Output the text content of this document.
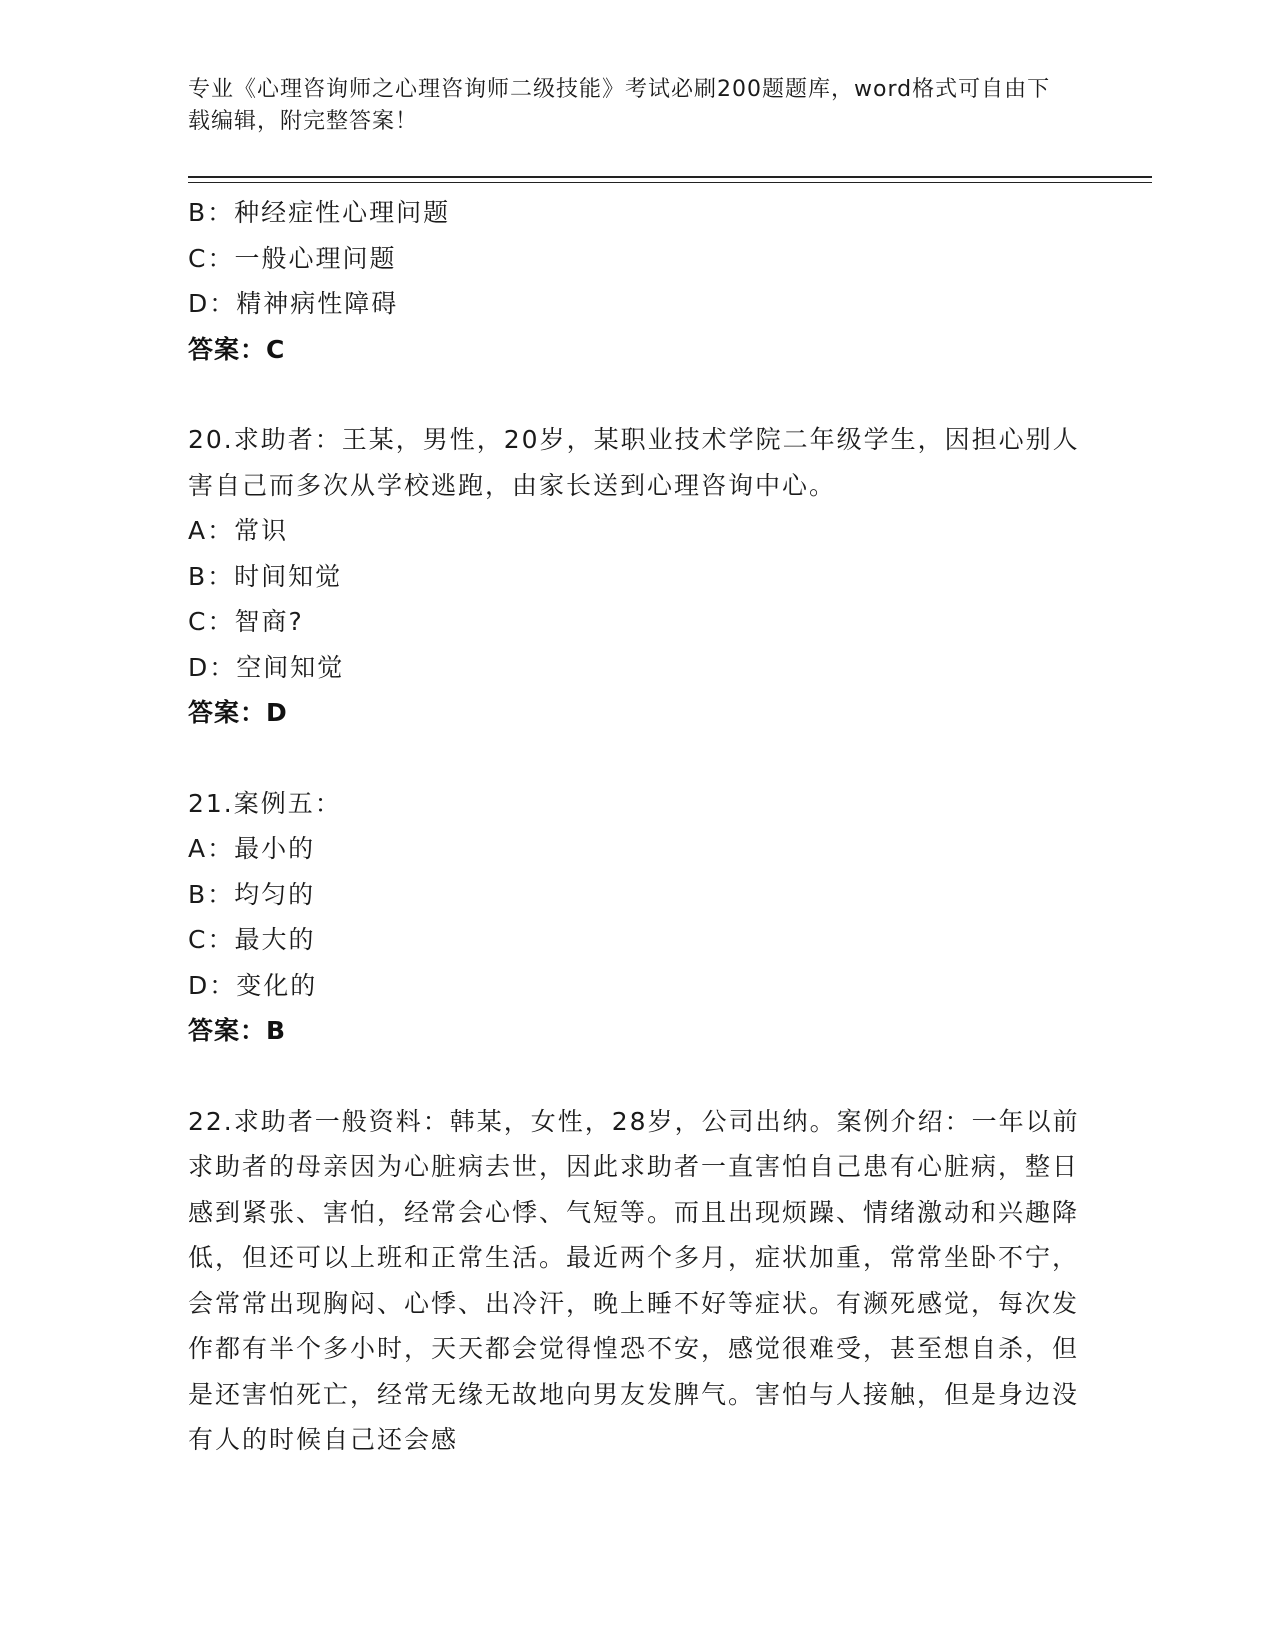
专业《心理咨询师之心理咨询师二级技能》考试必刷200题题库，word格式可自由下载编辑，附完整答案！
B：种经症性心理问题
C：一般心理问题
D：精神病性障碍
答案：C
20.求助者：王某，男性，20岁，某职业技术学院二年级学生，因担心别人害自己而多次从学校逃跑，由家长送到心理咨询中心。
A：常识
B：时间知觉
C：智商?
D：空间知觉
答案：D
21.案例五：
A：最小的
B：均匀的
C：最大的
D：变化的
答案：B
22.求助者一般资料：韩某，女性，28岁，公司出纳。案例介绍：一年以前求助者的母亲因为心脏病去世，因此求助者一直害怕自己患有心脏病，整日感到紧张、害怕，经常会心悸、气短等。而且出现烦躁、情绪激动和兴趣降低，但还可以上班和正常生活。最近两个多月，症状加重，常常坐卧不宁，会常常出现胸闷、心悸、出冷汗，晚上睡不好等症状。有濒死感觉，每次发作都有半个多小时，天天都会觉得惶恐不安，感觉很难受，甚至想自杀，但是还害怕死亡，经常无缘无故地向男友发脾气。害怕与人接触，但是身边没有人的时候自己还会感
